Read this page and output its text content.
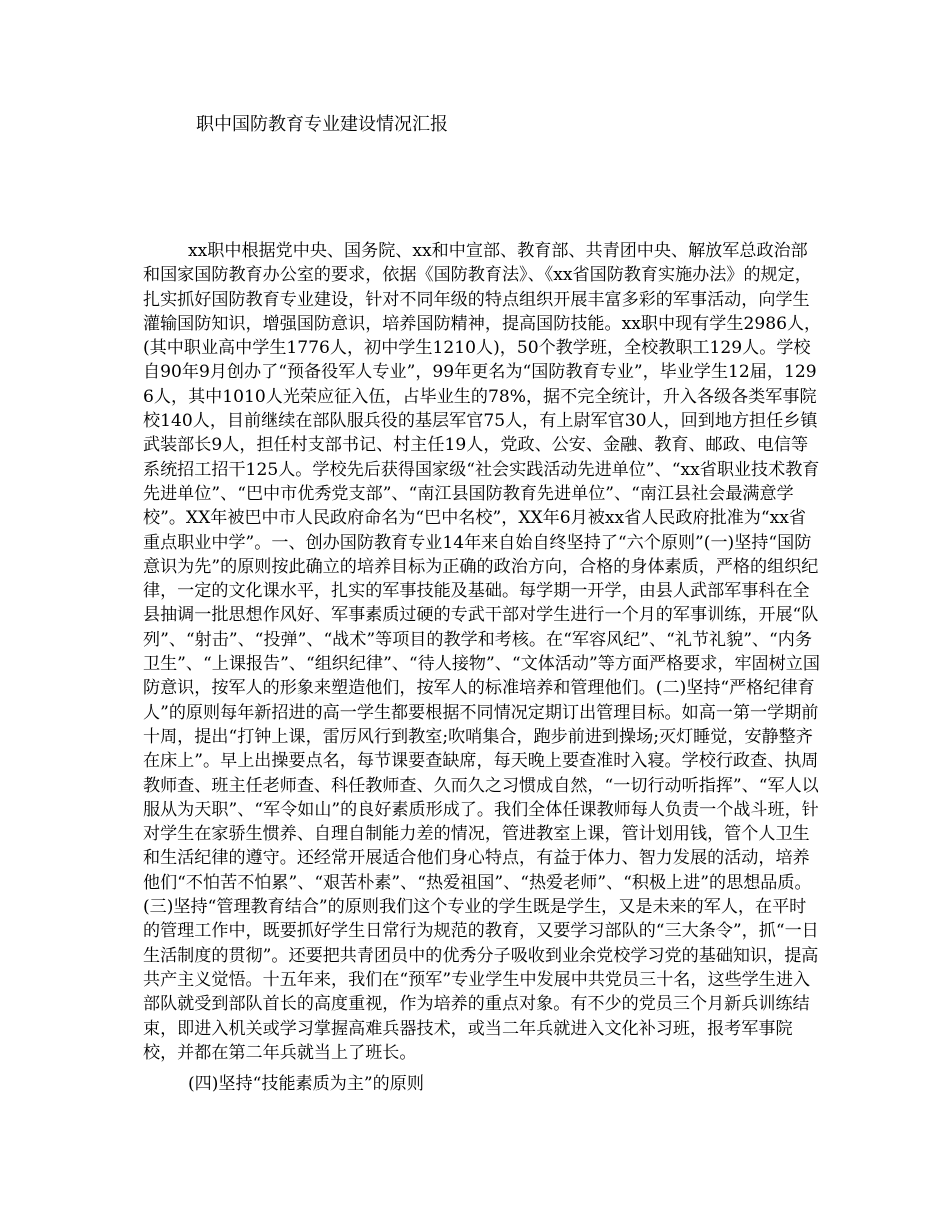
职中国防教育专业建设情况汇报

xx职中根据党中央、国务院、xx和中宣部、教育部、共青团中央、解放军总政治部和国家国防教育办公室的要求，依据《国防教育法》、《xx省国防教育实施办法》的规定，扎实抓好国防教育专业建设，针对不同年级的特点组织开展丰富多彩的军事活动，向学生灌输国防知识，增强国防意识，培养国防精神，提高国防技能。xx职中现有学生2986人，(其中职业高中学生1776人，初中学生1210人)，50个教学班，全校教职工129人。学校自90年9月创办了“预备役军人专业”，99年更名为“国防教育专业”，毕业学生12届，1296人，其中1010人光荣应征入伍，占毕业生的78%，据不完全统计，升入各级各类军事院校140人，目前继续在部队服兵役的基层军官75人，有上尉军官30人，回到地方担任乡镇武装部长9人，担任村支部书记、村主任19人，党政、公安、金融、教育、邮政、电信等系统招工招干125人。学校先后获得国家级“社会实践活动先进单位”、“xx省职业技术教育先进单位”、“巴中市优秀党支部”、“南江县国防教育先进单位”、“南江县社会最满意学校”。XX年被巴中市人民政府命名为“巴中名校”，XX年6月被xx省人民政府批准为“xx省重点职业中学”。一、创办国防教育专业14年来自始自终坚持了“六个原则”(一)坚持“国防意识为先”的原则按此确立的培养目标为正确的政治方向，合格的身体素质，严格的组织纪律，一定的文化课水平，扎实的军事技能及基础。每学期一开学，由县人武部军事科在全县抽调一批思想作风好、军事素质过硬的专武干部对学生进行一个月的军事训练，开展“队列”、“射击”、“投弹”、“战术”等项目的教学和考核。在“军容风纪”、“礼节礼貌”、“内务卫生”、“上课报告”、“组织纪律”、“待人接物”、“文体活动”等方面严格要求，牢固树立国防意识，按军人的形象来塑造他们，按军人的标准培养和管理他们。(二)坚持“严格纪律育人”的原则每年新招进的高一学生都要根据不同情况定期订出管理目标。如高一第一学期前十周，提出“打钟上课，雷厉风行到教室;吹哨集合，跑步前进到操场;灭灯睡觉，安静整齐在床上”。早上出操要点名，每节课要查缺席，每天晚上要查准时入寝。学校行政查、执周教师查、班主任老师查、科任教师查、久而久之习惯成自然，“一切行动听指挥”、“军人以服从为天职”、“军令如山”的良好素质形成了。我们全体任课教师每人负责一个战斗班，针对学生在家骄生惯养、自理自制能力差的情况，管进教室上课，管计划用钱，管个人卫生和生活纪律的遵守。还经常开展适合他们身心特点，有益于体力、智力发展的活动，培养他们“不怕苦不怕累”、“艰苦朴素”、“热爱祖国”、“热爱老师”、“积极上进”的思想品质。(三)坚持“管理教育结合”的原则我们这个专业的学生既是学生，又是未来的军人，在平时的管理工作中，既要抓好学生日常行为规范的教育，又要学习部队的“三大条令”，抓“一日生活制度的贯彻”。还要把共青团员中的优秀分子吸收到业余党校学习党的基础知识，提高共产主义觉悟。十五年来，我们在“预军”专业学生中发展中共党员三十名，这些学生进入部队就受到部队首长的高度重视，作为培养的重点对象。有不少的党员三个月新兵训练结束，即进入机关或学习掌握高难兵器技术，或当二年兵就进入文化补习班，报考军事院校，并都在第二年兵就当上了班长。

(四)坚持“技能素质为主”的原则
